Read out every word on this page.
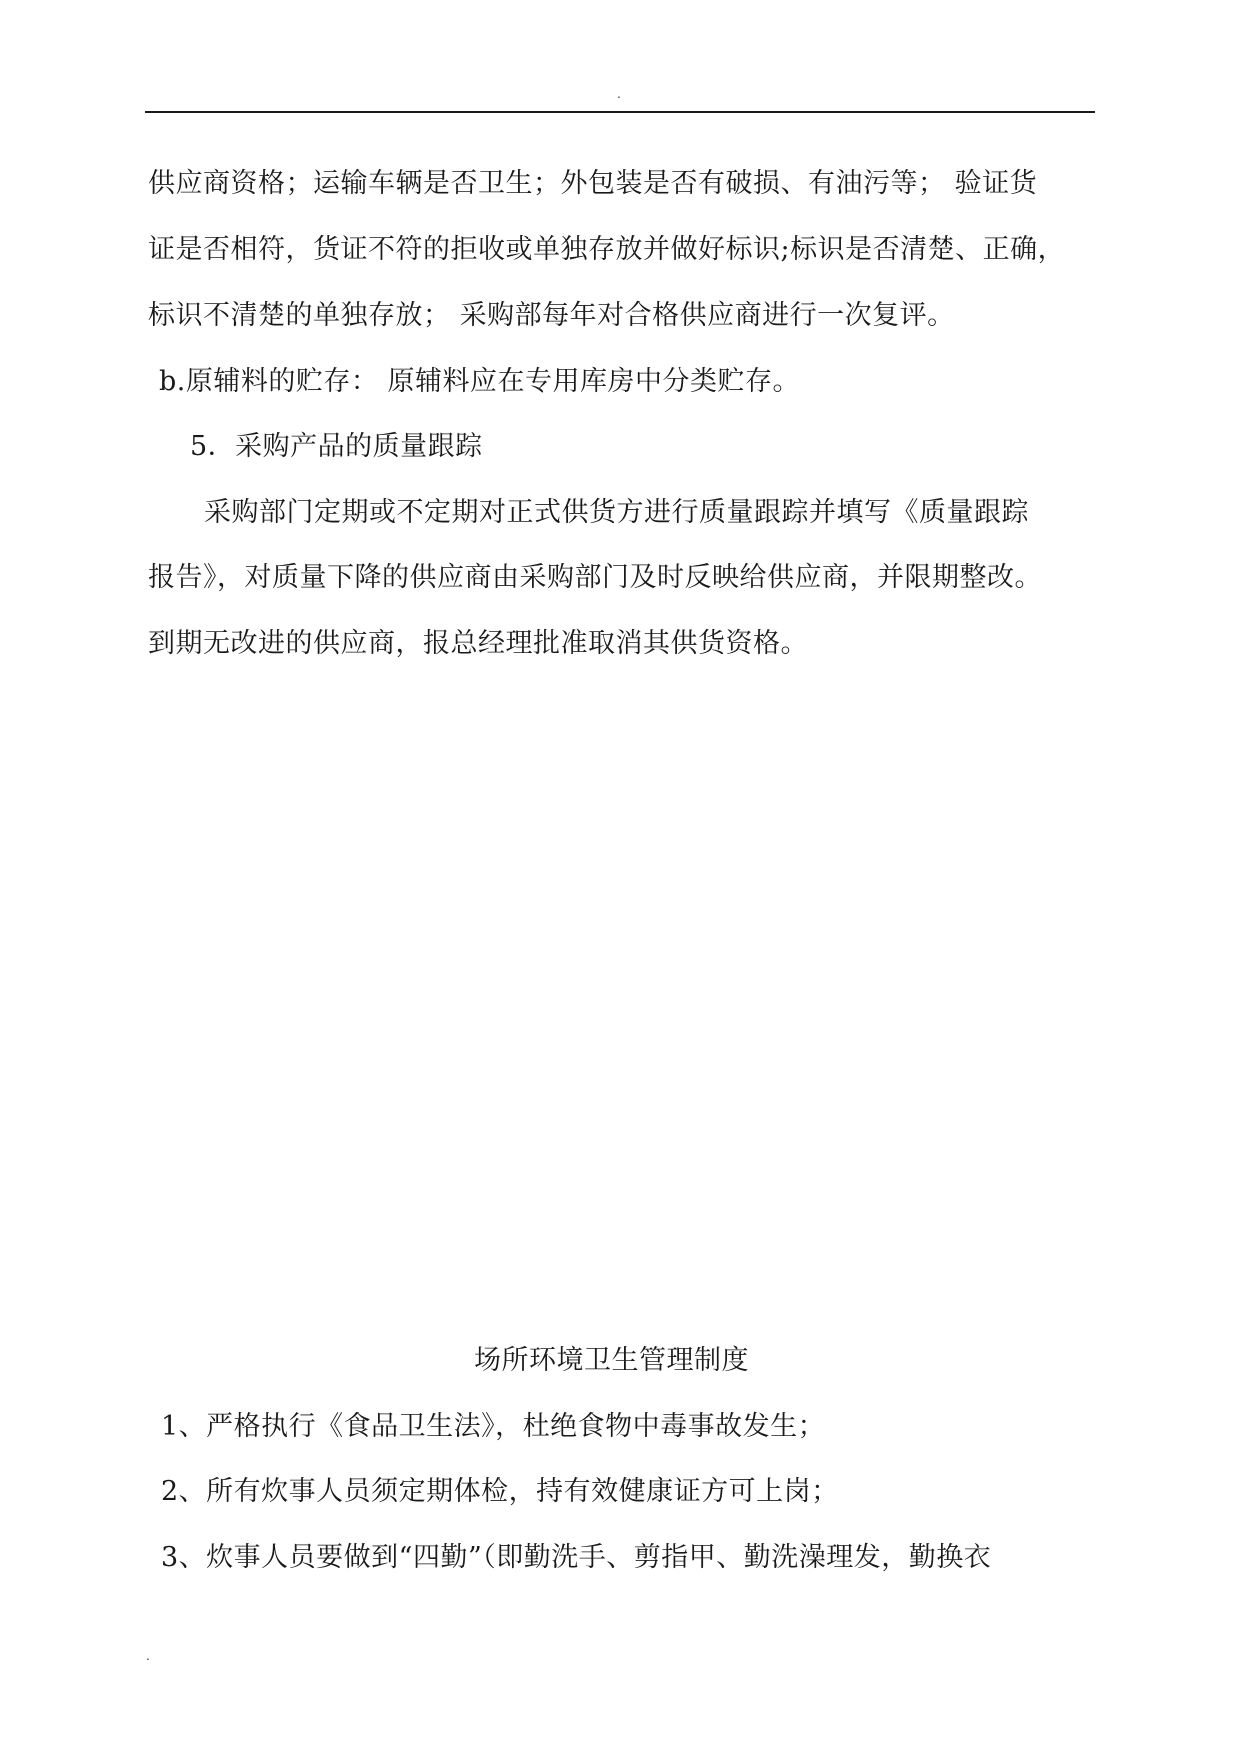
.
供应商资格；运输车辆是否卫生；外包装是否有破损、有油污等； 验证货
证是否相符，货证不符的拒收或单独存放并做好标识;标识是否清楚、正确，
标识不清楚的单独存放； 采购部每年对合格供应商进行一次复评。
b.原辅料的贮存： 原辅料应在专用库房中分类贮存。
5．采购产品的质量跟踪
采购部门定期或不定期对正式供货方进行质量跟踪并填写《质量跟踪
报告》，对质量下降的供应商由采购部门及时反映给供应商，并限期整改。
到期无改进的供应商，报总经理批准取消其供货资格。
场所环境卫生管理制度
1、严格执行《食品卫生法》，杜绝食物中毒事故发生；
2、所有炊事人员须定期体检，持有效健康证方可上岗；
3、炊事人员要做到“四勤”（即勤洗手、剪指甲、勤洗澡理发，勤换衣
.
